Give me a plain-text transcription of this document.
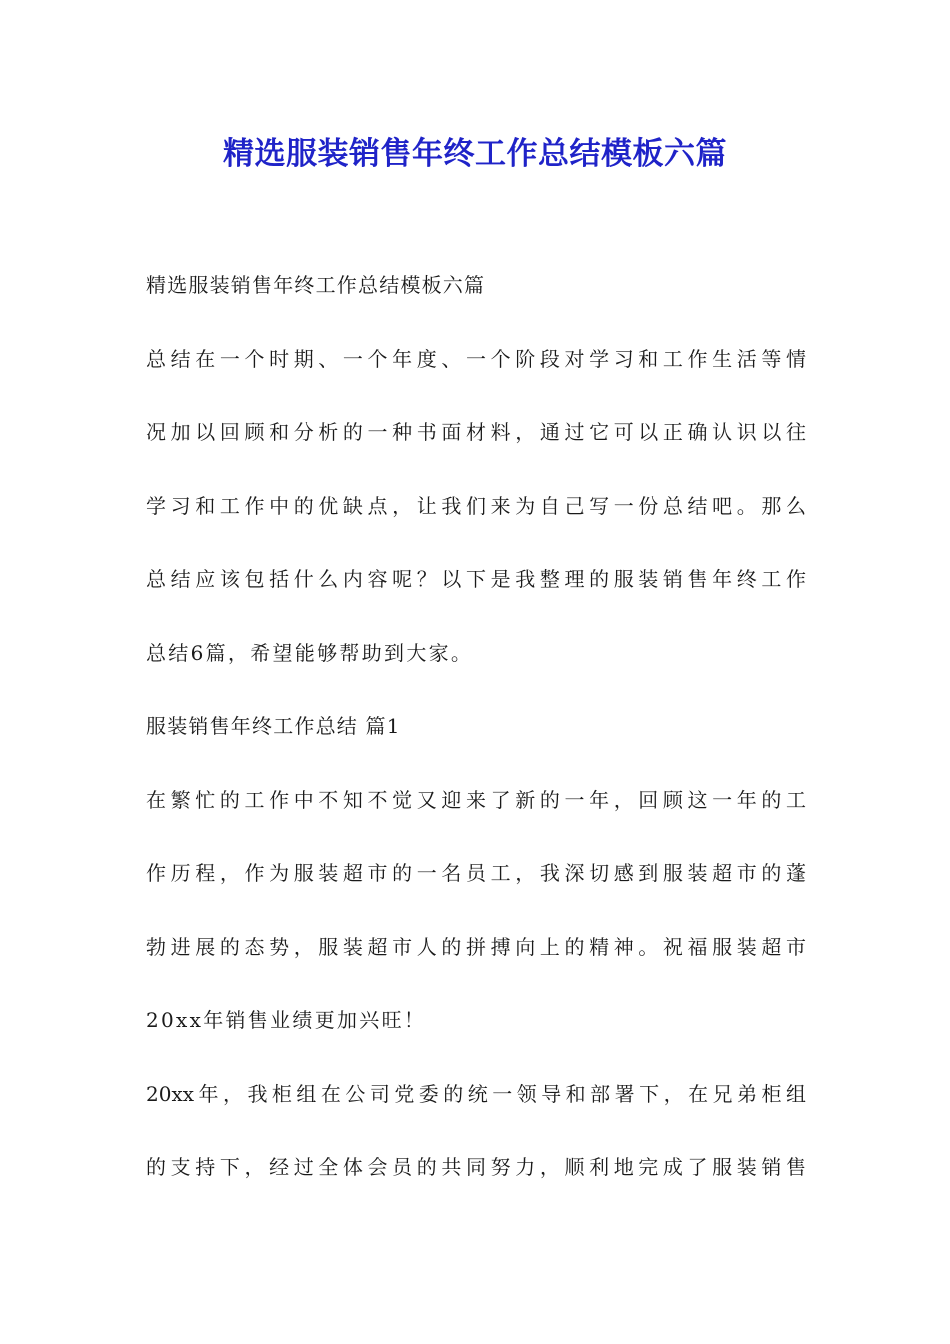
精选服装销售年终工作总结模板六篇
精选服装销售年终工作总结模板六篇
总结在一个时期、一个年度、一个阶段对学习和工作生活等情
况加以回顾和分析的一种书面材料，通过它可以正确认识以往
学习和工作中的优缺点，让我们来为自己写一份总结吧。那么
总结应该包括什么内容呢？以下是我整理的服装销售年终工作
总结6篇，希望能够帮助到大家。
服装销售年终工作总结 篇1
在繁忙的工作中不知不觉又迎来了新的一年，回顾这一年的工
作历程，作为服装超市的一名员工，我深切感到服装超市的蓬
勃进展的态势，服装超市人的拼搏向上的精神。祝福服装超市
20xx年销售业绩更加兴旺！
20xx年，我柜组在公司党委的统一领导和部署下，在兄弟柜组
的支持下，经过全体会员的共同努力，顺利地完成了服装销售
